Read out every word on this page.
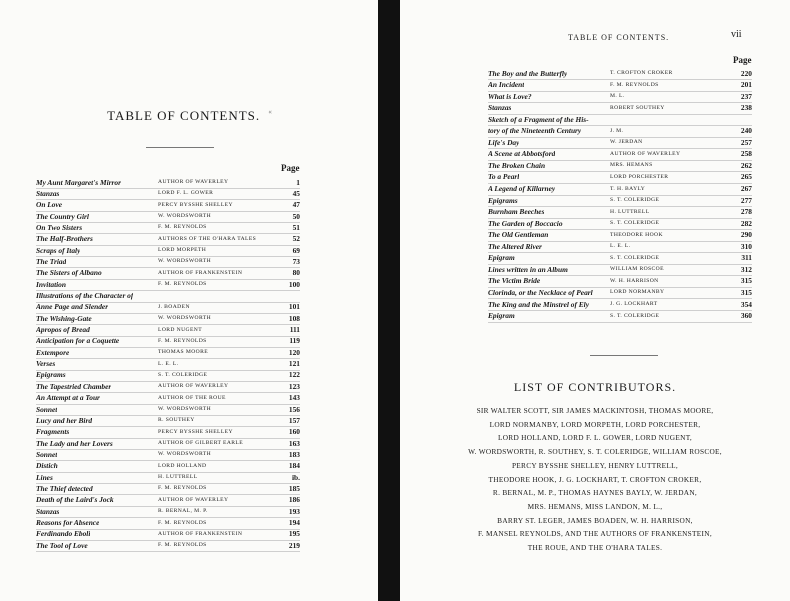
TABLE OF CONTENTS. «
Page
My Aunt Margaret's Mirror	AUTHOR OF WAVERLEY	1
Stanzas	LORD F. L. GOWER	45
On Love	PERCY BYSSHE SHELLEY	47
The Country Girl	W. WORDSWORTH	50
On Two Sisters	F. M. REYNOLDS	51
The Half-Brothers	AUTHORS OF THE O'HARA TALES	52
Scraps of Italy	LORD MORPETH	69
The Triad	W. WORDSWORTH	73
The Sisters of Albano	AUTHOR OF FRANKENSTEIN	80
Invitation	F. M. REYNOLDS	100
Illustrations of the Character of
Anne Page and Slender	J. BOADEN	101
The Wishing-Gate	W. WORDSWORTH	108
Apropos of Bread	LORD NUGENT	111
Anticipation for a Coquette	F. M. REYNOLDS	119
Extempore	THOMAS MOORE	120
Verses	L. E. L.	121
Epigrams	S. T. COLERIDGE	122
The Tapestried Chamber	AUTHOR OF WAVERLEY	123
An Attempt at a Tour	AUTHOR OF THE ROUE	143
Sonnet	W. WORDSWORTH	156
Lucy and her Bird	R. SOUTHEY	157
Fragments	PERCY BYSSHE SHELLEY	160
The Lady and her Lovers	AUTHOR OF GILBERT EARLE	163
Sonnet	W. WORDSWORTH	183
Distich	LORD HOLLAND	184
Lines	H. LUTTRELL	ib.
The Thief detected	F. M. REYNOLDS	185
Death of the Laird's Jock	AUTHOR OF WAVERLEY	186
Stanzas	R. BERNAL, M. P.	193
Reasons for Absence	F. M. REYNOLDS	194
Ferdinando Eboli	AUTHOR OF FRANKENSTEIN	195
The Tool of Love	F. M. REYNOLDS	219
TABLE OF CONTENTS.	vii
Page
The Boy and the Butterfly	T. CROFTON CROKER	220
An Incident	F. M. REYNOLDS	201
What is Love?	M. L.	237
Stanzas	ROBERT SOUTHEY	238
Sketch of a Fragment of the His-
tory of the Nineteenth Century	J. M.	240
Life's Day	W. JERDAN	257
A Scene at Abbotsford	AUTHOR OF WAVERLEY	258
The Broken Chain	MRS. HEMANS	262
To a Pearl	LORD PORCHESTER	265
A Legend of Killarney	T. H. BAYLY	267
Epigrams	S. T. COLERIDGE	277
Burnham Beeches	H. LUTTRELL	278
The Garden of Boccacio	S. T. COLERIDGE	282
The Old Gentleman	THEODORE HOOK	290
The Altered River	L. E. L.	310
Epigram	S. T. COLERIDGE	311
Lines written in an Album	WILLIAM ROSCOE	312
The Victim Bride	W. H. HARRISON	315
Clorinda, or the Necklace of Pearl	LORD NORMANBY	315
The King and the Minstrel of Ely	J. G. LOCKHART	354
Epigram	S. T. COLERIDGE	360
LIST OF CONTRIBUTORS.
SIR WALTER SCOTT, SIR JAMES MACKINTOSH, THOMAS MOORE,
LORD NORMANBY, LORD MORPETH, LORD PORCHESTER,
LORD HOLLAND, LORD F. L. GOWER, LORD NUGENT,
W. WORDSWORTH, R. SOUTHEY, S. T. COLERIDGE, WILLIAM ROSCOE,
PERCY BYSSHE SHELLEY, HENRY LUTTRELL,
THEODORE HOOK, J. G. LOCKHART, T. CROFTON CROKER,
R. BERNAL, M. P., THOMAS HAYNES BAYLY, W. JERDAN,
MRS. HEMANS, MISS LANDON, M. L.,
BARRY ST. LEGER, JAMES BOADEN, W. H. HARRISON,
F. MANSEL REYNOLDS, AND THE AUTHORS OF FRANKENSTEIN,
THE ROUE, AND THE O'HARA TALES.
